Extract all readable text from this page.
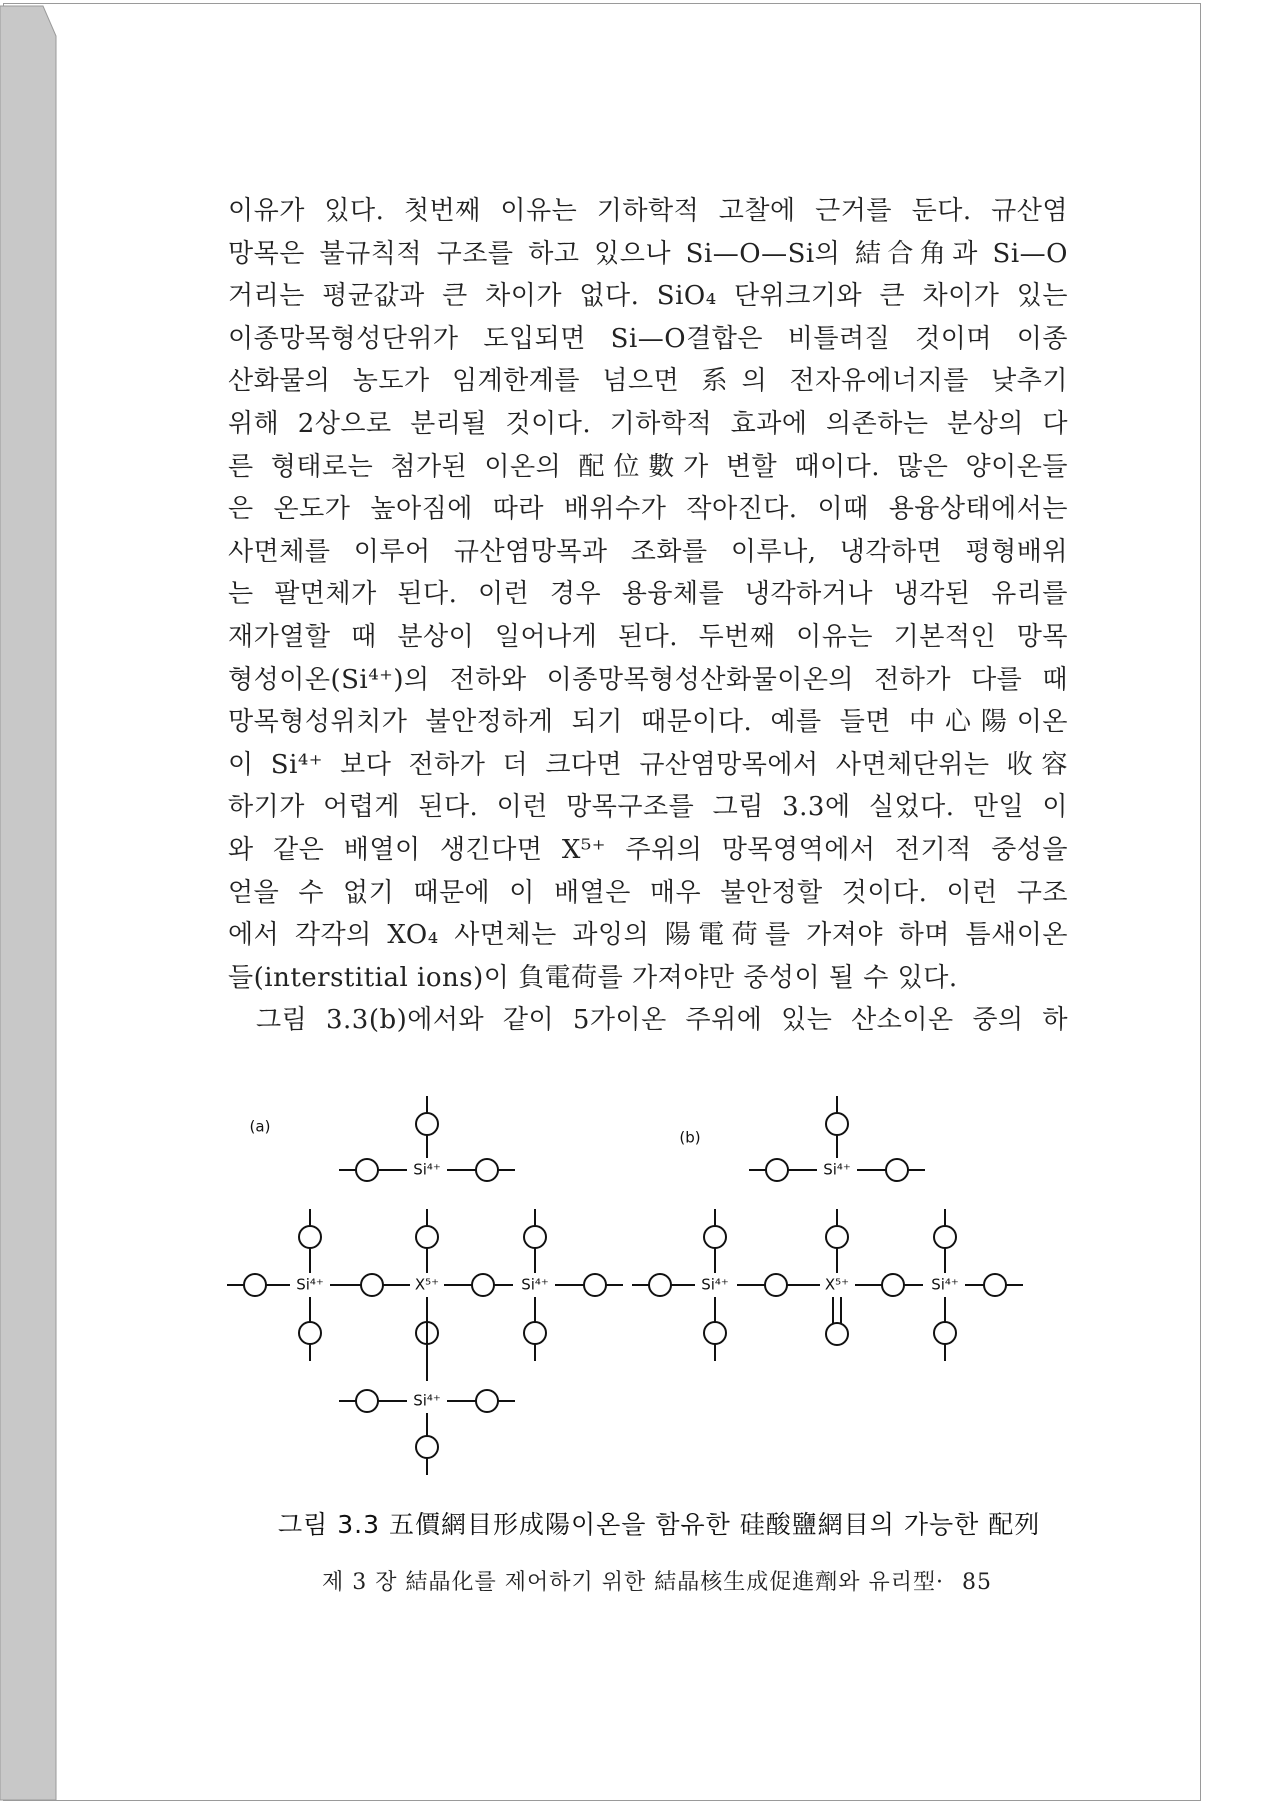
이유가 있다. 첫번째 이유는 기하학적 고찰에 근거를 둔다. 규산염
망목은 불규칙적 구조를 하고 있으나 Si—O—Si의 結合角과 Si—O
거리는 평균값과 큰 차이가 없다. SiO₄ 단위크기와 큰 차이가 있는
이종망목형성단위가 도입되면 Si—O결합은 비틀려질 것이며 이종
산화물의 농도가 임계한계를 넘으면 系의 전자유에너지를 낮추기
위해 2상으로 분리될 것이다. 기하학적 효과에 의존하는 분상의 다
른 형태로는 첨가된 이온의 配位數가 변할 때이다. 많은 양이온들
은 온도가 높아짐에 따라 배위수가 작아진다. 이때 용융상태에서는
사면체를 이루어 규산염망목과 조화를 이루나, 냉각하면 평형배위
는 팔면체가 된다. 이런 경우 용융체를 냉각하거나 냉각된 유리를
재가열할 때 분상이 일어나게 된다. 두번째 이유는 기본적인 망목
형성이온(Si⁴⁺)의 전하와 이종망목형성산화물이온의 전하가 다를 때
망목형성위치가 불안정하게 되기 때문이다. 예를 들면 中心陽이온
이 Si⁴⁺ 보다 전하가 더 크다면 규산염망목에서 사면체단위는 收容
하기가 어렵게 된다. 이런 망목구조를 그림 3.3에 실었다. 만일 이
와 같은 배열이 생긴다면 X⁵⁺ 주위의 망목영역에서 전기적 중성을
얻을 수 없기 때문에 이 배열은 매우 불안정할 것이다. 이런 구조
에서 각각의 XO₄ 사면체는 과잉의 陽電荷를 가져야 하며 틈새이온
들(interstitial ions)이 負電荷를 가져야만 중성이 될 수 있다.
그림 3.3(b)에서와 같이 5가이온 주위에 있는 산소이온 중의 하
(a)
Si⁴⁺
Si⁴⁺	X⁵⁺	Si⁴⁺
Si⁴⁺
(b)
Si⁴⁺
Si⁴⁺	X⁵⁺	Si⁴⁺
그림 3.3 五價網目形成陽이온을 함유한 硅酸鹽網目의 가능한 配列
제 3 장 結晶化를 제어하기 위한 結晶核生成促進劑와 유리型· 85
